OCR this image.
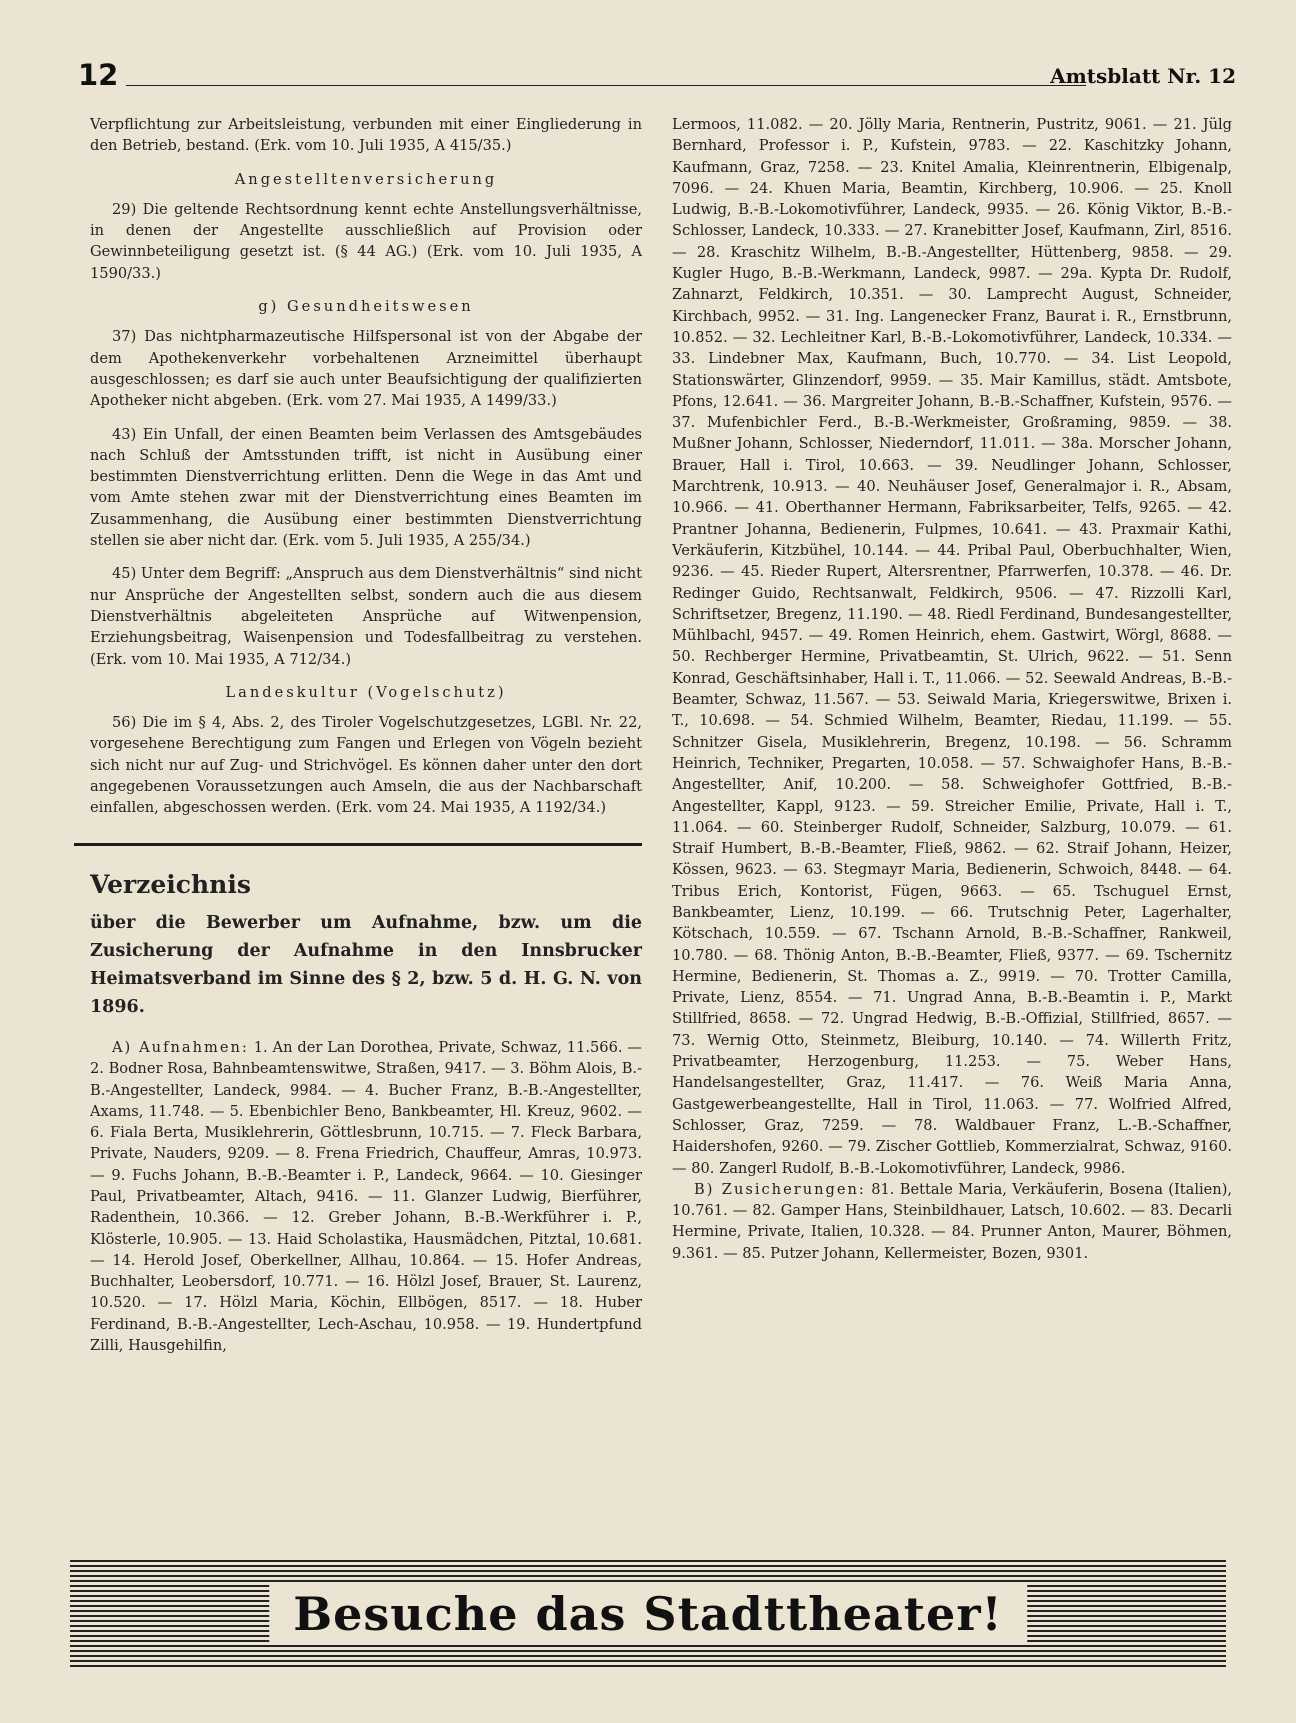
12	Amtsblatt Nr. 12

Verpflichtung zur Arbeitsleistung, verbunden mit einer Eingliederung in den Betrieb, bestand. (Erk. vom 10. Juli 1935, A 415/35.)

Angestelltenversicherung

29) Die geltende Rechtsordnung kennt echte Anstellungsverhältnisse, in denen der Angestellte ausschließlich auf Provision oder Gewinnbeteiligung gesetzt ist. (§ 44 AG.) (Erk. vom 10. Juli 1935, A 1590/33.)

g) Gesundheitswesen

37) Das nichtpharmazeutische Hilfspersonal ist von der Abgabe der dem Apothekenverkehr vorbehaltenen Arzneimittel überhaupt ausgeschlossen; es darf sie auch unter Beaufsichtigung der qualifizierten Apotheker nicht abgeben. (Erk. vom 27. Mai 1935, A 1499/33.)

43) Ein Unfall, der einen Beamten beim Verlassen des Amtsgebäudes nach Schluß der Amtsstunden trifft, ist nicht in Ausübung einer bestimmten Dienstverrichtung erlitten. Denn die Wege in das Amt und vom Amte stehen zwar mit der Dienstverrichtung eines Beamten im Zusammenhang, die Ausübung einer bestimmten Dienstverrichtung stellen sie aber nicht dar. (Erk. vom 5. Juli 1935, A 255/34.)

45) Unter dem Begriff: „Anspruch aus dem Dienstverhältnis“ sind nicht nur Ansprüche der Angestellten selbst, sondern auch die aus diesem Dienstverhältnis abgeleiteten Ansprüche auf Witwenpension, Erziehungsbeitrag, Waisenpension und Todesfallbeitrag zu verstehen. (Erk. vom 10. Mai 1935, A 712/34.)

Landeskultur (Vogelschutz)

56) Die im § 4, Abs. 2, des Tiroler Vogelschutzgesetzes, LGBl. Nr. 22, vorgesehene Berechtigung zum Fangen und Erlegen von Vögeln bezieht sich nicht nur auf Zug- und Strichvögel. Es können daher unter den dort angegebenen Voraussetzungen auch Amseln, die aus der Nachbarschaft einfallen, abgeschossen werden. (Erk. vom 24. Mai 1935, A 1192/34.)

Verzeichnis
über die Bewerber um Aufnahme, bzw. um die Zusicherung der Aufnahme in den Innsbrucker Heimatsverband im Sinne des § 2, bzw. 5 d. H. G. N. von 1896.

A) Aufnahmen: 1. An der Lan Dorothea, Private, Schwaz, 11.566. — 2. Bodner Rosa, Bahnbeamtenswitwe, Straßen, 9417. — 3. Böhm Alois, B.-B.-Angestellter, Landeck, 9984. — 4. Bucher Franz, B.-B.-Angestellter, Axams, 11.748. — 5. Ebenbichler Beno, Bankbeamter, Hl. Kreuz, 9602. — 6. Fiala Berta, Musiklehrerin, Göttlesbrunn, 10.715. — 7. Fleck Barbara, Private, Nauders, 9209. — 8. Frena Friedrich, Chauffeur, Amras, 10.973. — 9. Fuchs Johann, B.-B.-Beamter i. P., Landeck, 9664. — 10. Giesinger Paul, Privatbeamter, Altach, 9416. — 11. Glanzer Ludwig, Bierführer, Radenthein, 10.366. — 12. Greber Johann, B.-B.-Werkführer i. P., Klösterle, 10.905. — 13. Haid Scholastika, Hausmädchen, Pitztal, 10.681. — 14. Herold Josef, Oberkellner, Allhau, 10.864. — 15. Hofer Andreas, Buchhalter, Leobersdorf, 10.771. — 16. Hölzl Josef, Brauer, St. Laurenz, 10.520. — 17. Hölzl Maria, Köchin, Ellbögen, 8517. — 18. Huber Ferdinand, B.-B.-Angestellter, Lech-Aschau, 10.958. — 19. Hundertpfund Zilli, Hausgehilfin,

Lermoos, 11.082. — 20. Jölly Maria, Rentnerin, Pustritz, 9061. — 21. Jülg Bernhard, Professor i. P., Kufstein, 9783. — 22. Kaschitzky Johann, Kaufmann, Graz, 7258. — 23. Knitel Amalia, Kleinrentnerin, Elbigenalp, 7096. — 24. Khuen Maria, Beamtin, Kirchberg, 10.906. — 25. Knoll Ludwig, B.-B.-Lokomotivführer, Landeck, 9935. — 26. König Viktor, B.-B.-Schlosser, Landeck, 10.333. — 27. Kranebitter Josef, Kaufmann, Zirl, 8516. — 28. Kraschitz Wilhelm, B.-B.-Angestellter, Hüttenberg, 9858. — 29. Kugler Hugo, B.-B.-Werkmann, Landeck, 9987. — 29a. Kypta Dr. Rudolf, Zahnarzt, Feldkirch, 10.351. — 30. Lamprecht August, Schneider, Kirchbach, 9952. — 31. Ing. Langenecker Franz, Baurat i. R., Ernstbrunn, 10.852. — 32. Lechleitner Karl, B.-B.-Lokomotivführer, Landeck, 10.334. — 33. Lindebner Max, Kaufmann, Buch, 10.770. — 34. List Leopold, Stationswärter, Glinzendorf, 9959. — 35. Mair Kamillus, städt. Amtsbote, Pfons, 12.641. — 36. Margreiter Johann, B.-B.-Schaffner, Kufstein, 9576. — 37. Mufenbichler Ferd., B.-B.-Werkmeister, Großraming, 9859. — 38. Mußner Johann, Schlosser, Niederndorf, 11.011. — 38a. Morscher Johann, Brauer, Hall i. Tirol, 10.663. — 39. Neudlinger Johann, Schlosser, Marchtrenk, 10.913. — 40. Neuhäuser Josef, Generalmajor i. R., Absam, 10.966. — 41. Oberthanner Hermann, Fabriksarbeiter, Telfs, 9265. — 42. Prantner Johanna, Bedienerin, Fulpmes, 10.641. — 43. Praxmair Kathi, Verkäuferin, Kitzbühel, 10.144. — 44. Pribal Paul, Oberbuchhalter, Wien, 9236. — 45. Rieder Rupert, Altersrentner, Pfarrwerfen, 10.378. — 46. Dr. Redinger Guido, Rechtsanwalt, Feldkirch, 9506. — 47. Rizzolli Karl, Schriftsetzer, Bregenz, 11.190. — 48. Riedl Ferdinand, Bundesangestellter, Mühlbachl, 9457. — 49. Romen Heinrich, ehem. Gastwirt, Wörgl, 8688. — 50. Rechberger Hermine, Privatbeamtin, St. Ulrich, 9622. — 51. Senn Konrad, Geschäftsinhaber, Hall i. T., 11.066. — 52. Seewald Andreas, B.-B.-Beamter, Schwaz, 11.567. — 53. Seiwald Maria, Kriegerswitwe, Brixen i. T., 10.698. — 54. Schmied Wilhelm, Beamter, Riedau, 11.199. — 55. Schnitzer Gisela, Musiklehrerin, Bregenz, 10.198. — 56. Schramm Heinrich, Techniker, Pregarten, 10.058. — 57. Schwaighofer Hans, B.-B.-Angestellter, Anif, 10.200. — 58. Schweighofer Gottfried, B.-B.-Angestellter, Kappl, 9123. — 59. Streicher Emilie, Private, Hall i. T., 11.064. — 60. Steinberger Rudolf, Schneider, Salzburg, 10.079. — 61. Straif Humbert, B.-B.-Beamter, Fließ, 9862. — 62. Straif Johann, Heizer, Kössen, 9623. — 63. Stegmayr Maria, Bedienerin, Schwoich, 8448. — 64. Tribus Erich, Kontorist, Fügen, 9663. — 65. Tschuguel Ernst, Bankbeamter, Lienz, 10.199. — 66. Trutschnig Peter, Lagerhalter, Kötschach, 10.559. — 67. Tschann Arnold, B.-B.-Schaffner, Rankweil, 10.780. — 68. Thönig Anton, B.-B.-Beamter, Fließ, 9377. — 69. Tschernitz Hermine, Bedienerin, St. Thomas a. Z., 9919. — 70. Trotter Camilla, Private, Lienz, 8554. — 71. Ungrad Anna, B.-B.-Beamtin i. P., Markt Stillfried, 8658. — 72. Ungrad Hedwig, B.-B.-Offizial, Stillfried, 8657. — 73. Wernig Otto, Steinmetz, Bleiburg, 10.140. — 74. Willerth Fritz, Privatbeamter, Herzogenburg, 11.253. — 75. Weber Hans, Handelsangestellter, Graz, 11.417. — 76. Weiß Maria Anna, Gastgewerbeangestellte, Hall in Tirol, 11.063. — 77. Wolfried Alfred, Schlosser, Graz, 7259. — 78. Waldbauer Franz, L.-B.-Schaffner, Haidershofen, 9260. — 79. Zischer Gottlieb, Kommerzialrat, Schwaz, 9160. — 80. Zangerl Rudolf, B.-B.-Lokomotivführer, Landeck, 9986.

B) Zusicherungen: 81. Bettale Maria, Verkäuferin, Bosena (Italien), 10.761. — 82. Gamper Hans, Steinbildhauer, Latsch, 10.602. — 83. Decarli Hermine, Private, Italien, 10.328. — 84. Prunner Anton, Maurer, Böhmen, 9.361. — 85. Putzer Johann, Kellermeister, Bozen, 9301.

Besuche das Stadttheater!
